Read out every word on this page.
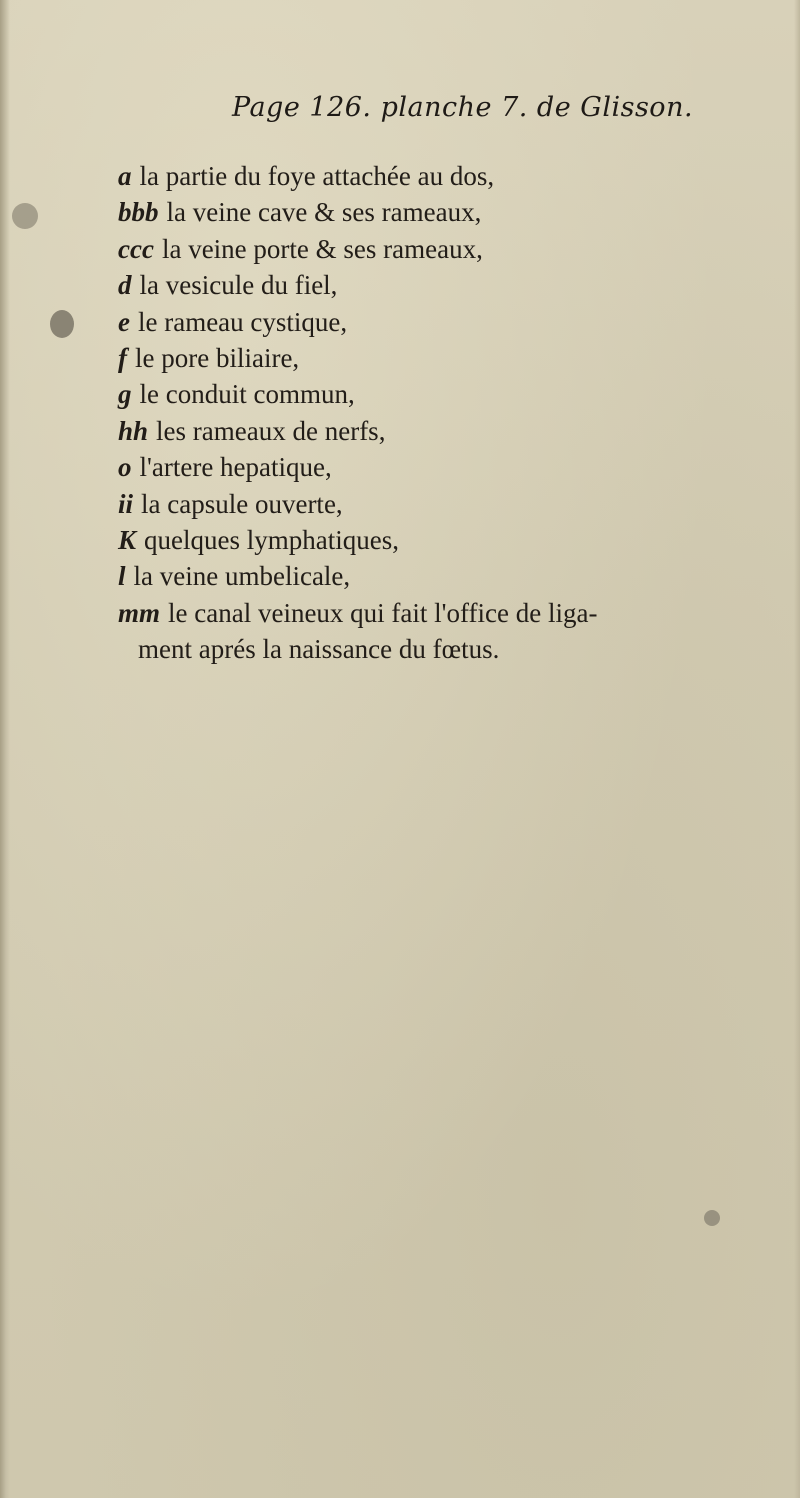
Page 126. planche 7. de Glisson.
a la partie du foye attachée au dos,
bbb la veine cave & ses rameaux,
ccc la veine porte & ses rameaux,
d la vesicule du fiel,
e le rameau cystique,
f le pore biliaire,
g le conduit commun,
hh les rameaux de nerfs,
o l'artere hepatique,
ii la capsule ouverte,
K quelques lymphatiques,
l la veine umbelicale,
mm le canal veineux qui fait l'office de liga-
ment aprés la naissance du fœtus.
